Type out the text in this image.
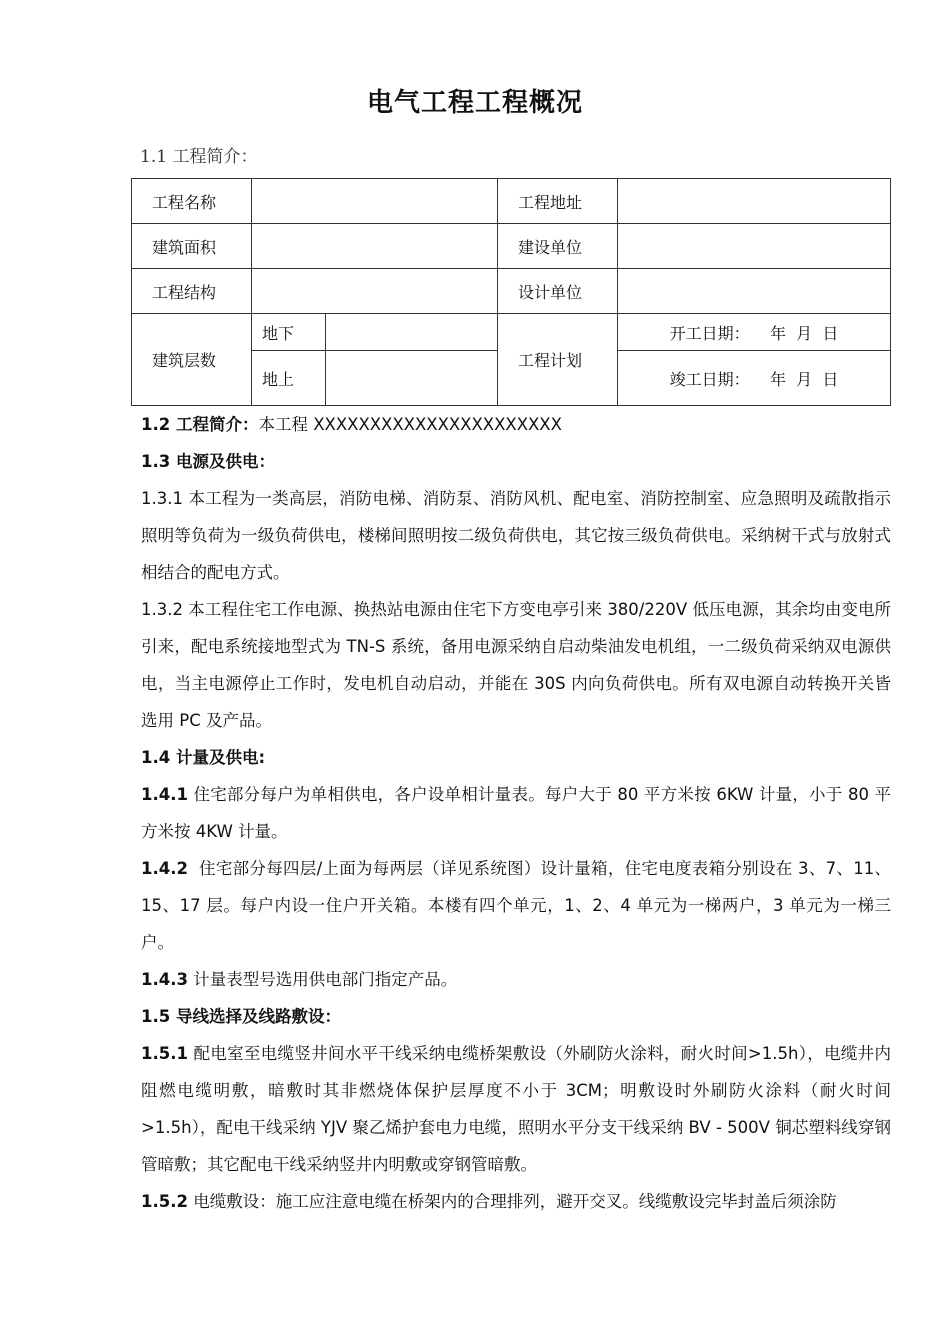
电气工程工程概况
1.1 工程简介：
工程名称			工程地址	
建筑面积			建设单位	
工程结构			设计单位	
建筑层数	地下		工程计划	开工日期：    年  月  日
	地上			竣工日期：    年  月  日

1.2 工程简介：本工程 XXXXXXXXXXXXXXXXXXXXXX

1.3 电源及供电：

1.3.1 本工程为一类高层，消防电梯、消防泵、消防风机、配电室、消防控制室、应急照明及疏散指示照明等负荷为一级负荷供电，楼梯间照明按二级负荷供电，其它按三级负荷供电。采纳树干式与放射式相结合的配电方式。

1.3.2 本工程住宅工作电源、换热站电源由住宅下方变电亭引来 380/220V 低压电源，其余均由变电所引来，配电系统接地型式为 TN-S 系统，备用电源采纳自启动柴油发电机组，一二级负荷采纳双电源供电，当主电源停止工作时，发电机自动启动，并能在 30S 内向负荷供电。所有双电源自动转换开关皆选用 PC 及产品。

1.4 计量及供电:

1.4.1 住宅部分每户为单相供电，各户设单相计量表。每户大于 80 平方米按 6KW 计量，小于 80 平方米按 4KW 计量。

1.4.2  住宅部分每四层/上面为每两层（详见系统图）设计量箱，住宅电度表箱分别设在 3、7、11、15、17 层。每户内设一住户开关箱。本楼有四个单元，1、2、4 单元为一梯两户，3 单元为一梯三户。

1.4.3 计量表型号选用供电部门指定产品。

1.5 导线选择及线路敷设：

1.5.1 配电室至电缆竖井间水平干线采纳电缆桥架敷设（外刷防火涂料，耐火时间>1.5h），电缆井内阻燃电缆明敷，暗敷时其非燃烧体保护层厚度不小于 3CM；明敷设时外刷防火涂料（耐火时间>1.5h），配电干线采纳 YJV 聚乙烯护套电力电缆，照明水平分支干线采纳 BV - 500V 铜芯塑料线穿钢管暗敷；其它配电干线采纳竖井内明敷或穿钢管暗敷。

1.5.2 电缆敷设：施工应注意电缆在桥架内的合理排列，避开交叉。线缆敷设完毕封盖后须涂防
